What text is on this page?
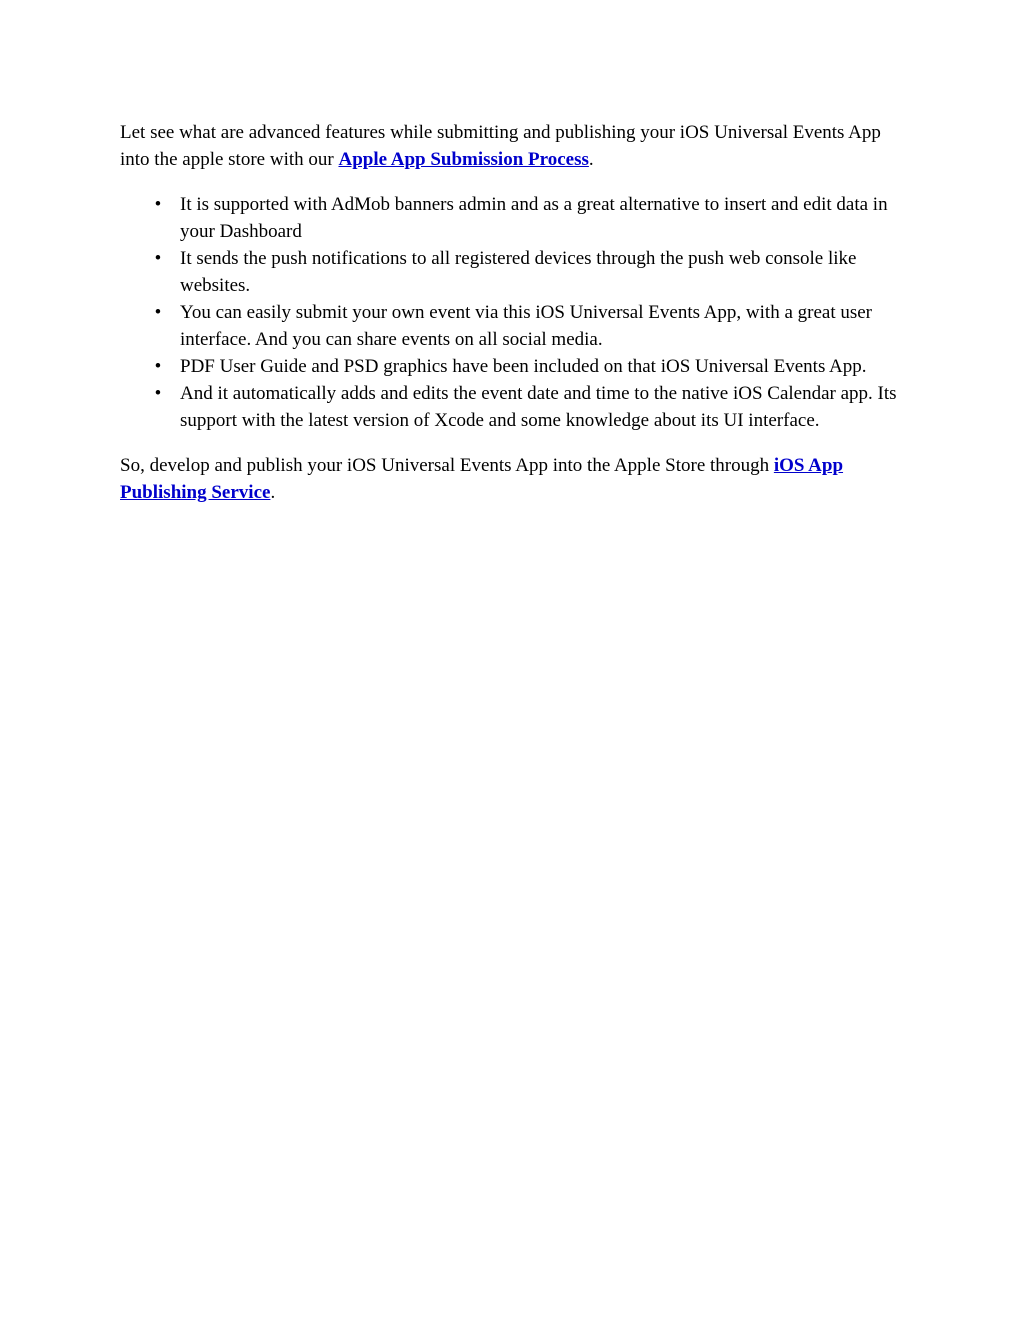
Let see what are advanced features while submitting and publishing your iOS Universal Events App into the apple store with our Apple App Submission Process.

• It is supported with AdMob banners admin and as a great alternative to insert and edit data in your Dashboard
• It sends the push notifications to all registered devices through the push web console like websites.
• You can easily submit your own event via this iOS Universal Events App, with a great user interface. And you can share events on all social media.
• PDF User Guide and PSD graphics have been included on that iOS Universal Events App.
• And it automatically adds and edits the event date and time to the native iOS Calendar app. Its support with the latest version of Xcode and some knowledge about its UI interface.

So, develop and publish your iOS Universal Events App into the Apple Store through iOS App Publishing Service.
